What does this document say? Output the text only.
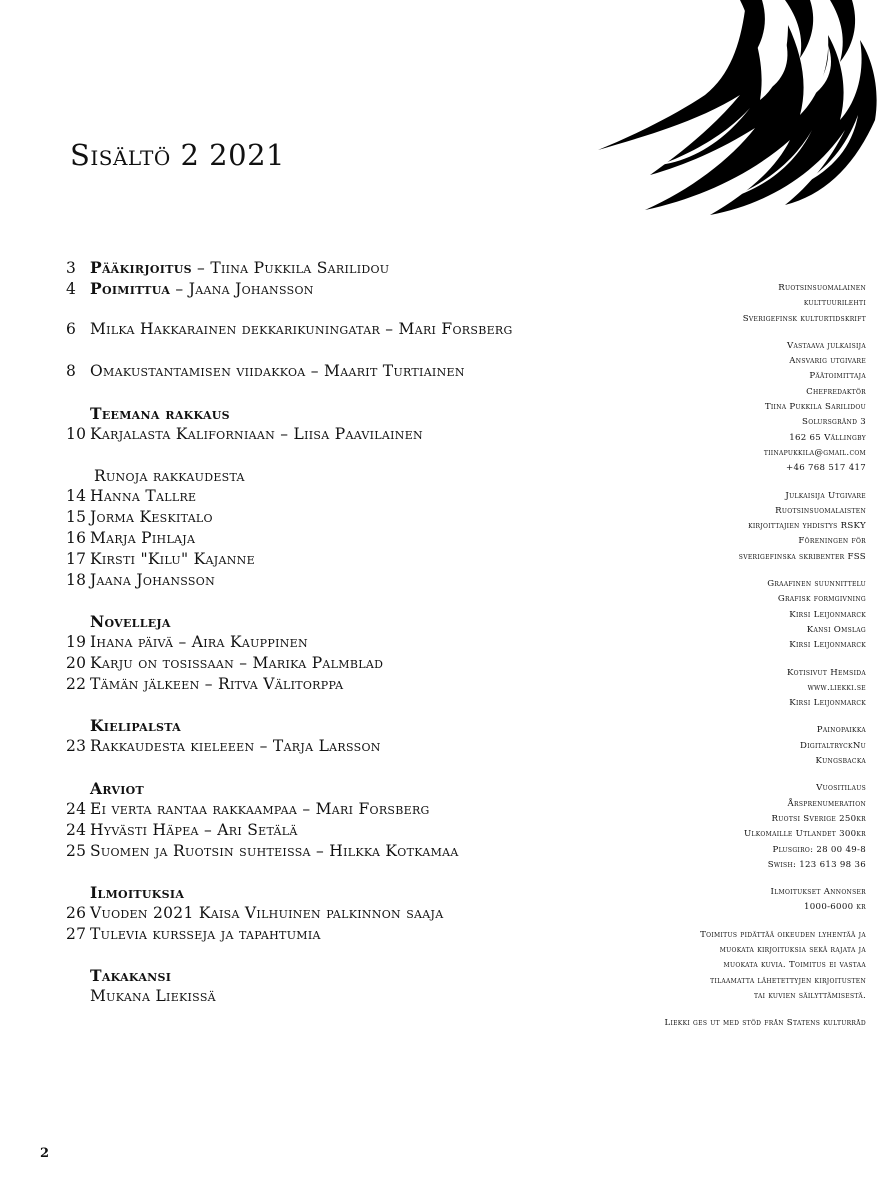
Sisältö 2 2021
3 Pääkirjoitus – Tiina Pukkila Sarilidou
4 Poimittua – Jaana Johansson
6 Milka Hakkarainen dekkarikuningatar – Mari Forsberg
8 Omakustantamisen viidakkoa – Maarit Turtiainen
Teemana rakkaus
10 Karjalasta Kaliforniaan – Liisa Paavilainen
Runoja rakkaudesta
14 Hanna Tallre
15 Jorma Keskitalo
16 Marja Pihlaja
17 Kirsti "Kilu" Kajanne
18 Jaana Johansson
Novelleja
19 Ihana päivä – Aira Kauppinen
20 Karju on tosissaan – Marika Palmblad
22 Tämän jälkeen – Ritva Välitorppa
Kielipalsta
23 Rakkaudesta kieleeen – Tarja Larsson
Arviot
24 Ei verta rantaa rakkaampaa – Mari Forsberg
24 Hyvästi Häpea – Ari Setälä
25 Suomen ja Ruotsin suhteissa – Hilkka Kotkamaa
Ilmoituksia
26 Vuoden 2021 Kaisa Vilhuinen palkinnon saaja
27 Tulevia kursseja ja tapahtumia
Takakansi
Mukana Liekissä
Ruotsinsuomalainen
kulttuurilehti
Sverigefinsk kulturtidskrift
Vastaava julkaisija
Ansvarig utgivare
Päätoimittaja
Chefredaktör
Tiina Pukkila Sarilidou
Solursgränd 3
162 65 Vällingby
tiinapukkila@gmail.com
+46 768 517 417
Julkaisija Utgivare
Ruotsinsuomalaisten
kirjoittajien yhdistys RSKY
Föreningen för
sverigefinska skribenter FSS
Graafinen suunnittelu
Grafisk formgivning
Kirsi Leijonmarck
Kansi Omslag
Kirsi Leijonmarck
Kotisivut Hemsida
www.liekki.se
Kirsi Leijonmarck
Painopaikka
DigitaltryckNu
Kungsbacka
Vuositilaus
Årsprenumeration
Ruotsi Sverige 250kr
Ulkomaille Utlandet 300kr
Plusgiro: 28 00 49-8
Swish: 123 613 98 36
Ilmoitukset Annonser
1000-6000 kr
Toimitus pidättää oikeuden lyhentää ja
muokata kirjoituksia sekä rajata ja
muokata kuvia. Toimitus ei vastaa
tilaamatta lähetettyjen kirjoitusten
tai kuvien säilyttämisestä.
Liekki ges ut med stöd från Statens kulturråd
2
